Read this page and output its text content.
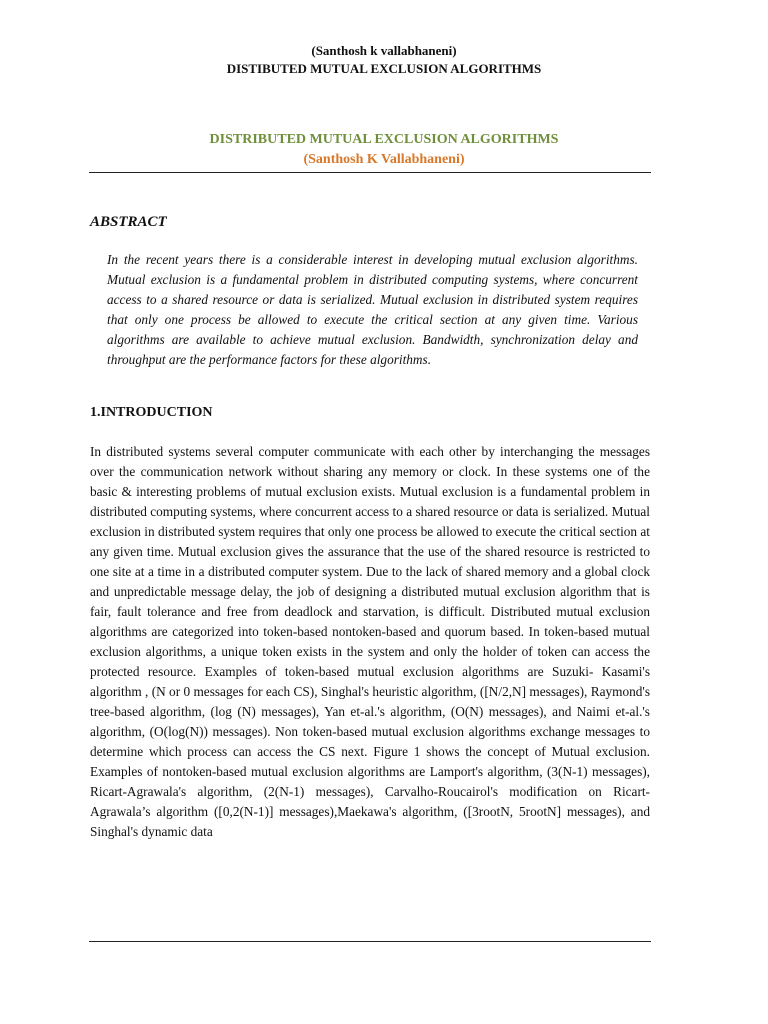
(Santhosh k vallabhaneni)
DISTIBUTED MUTUAL EXCLUSION ALGORITHMS
DISTRIBUTED MUTUAL EXCLUSION ALGORITHMS
(Santhosh K Vallabhaneni)
ABSTRACT
In the recent years there is a considerable interest in developing mutual exclusion algorithms. Mutual exclusion is a fundamental problem in distributed computing systems, where concurrent access to a shared resource or data is serialized. Mutual exclusion in distributed system requires that only one process be allowed to execute the critical section at any given time. Various algorithms are available to achieve mutual exclusion. Bandwidth, synchronization delay and throughput are the performance factors for these algorithms.
1.INTRODUCTION
In distributed systems several computer communicate with each other by interchanging the messages over the communication network without sharing any memory or clock. In these systems one of the basic & interesting problems of mutual exclusion exists. Mutual exclusion is a fundamental problem in distributed computing systems, where concurrent access to a shared resource or data is serialized. Mutual exclusion in distributed system requires that only one process be allowed to execute the critical section at any given time. Mutual exclusion gives the assurance that the use of the shared resource is restricted to one site at a time in a distributed computer system. Due to the lack of shared memory and a global clock and unpredictable message delay, the job of designing a distributed mutual exclusion algorithm that is fair, fault tolerance and free from deadlock and starvation, is difficult. Distributed mutual exclusion algorithms are categorized into token-based nontoken-based and quorum based. In token-based mutual exclusion algorithms, a unique token exists in the system and only the holder of token can access the protected resource. Examples of token-based mutual exclusion algorithms are Suzuki- Kasami's algorithm , (N or 0 messages for each CS), Singhal's heuristic algorithm, ([N/2,N] messages), Raymond's tree-based algorithm, (log (N) messages), Yan et-al.'s algorithm, (O(N) messages), and Naimi et-al.'s algorithm, (O(log(N)) messages). Non token-based mutual exclusion algorithms exchange messages to determine which process can access the CS next. Figure 1 shows the concept of Mutual exclusion. Examples of nontoken-based mutual exclusion algorithms are Lamport's algorithm, (3(N-1) messages), Ricart-Agrawala's algorithm, (2(N-1) messages), Carvalho-Roucairol's modification on Ricart-Agrawala’s algorithm ([0,2(N-1)] messages),Maekawa's algorithm, ([3rootN, 5rootN] messages), and Singhal's dynamic data
